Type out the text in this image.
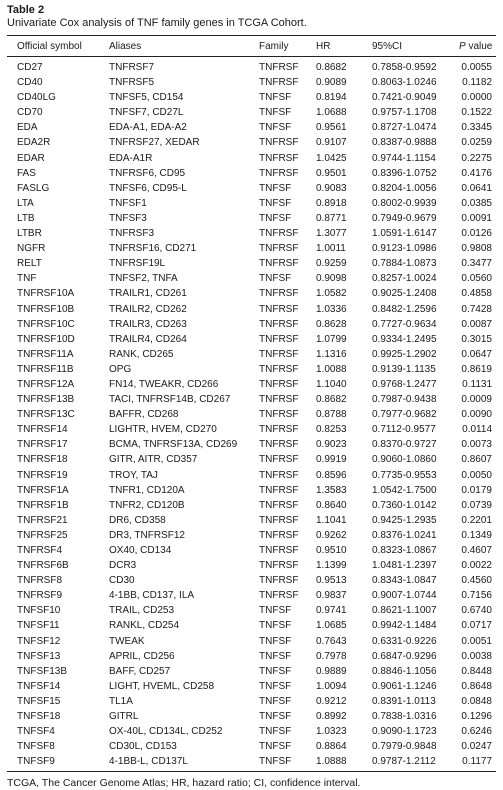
Table 2
Univariate Cox analysis of TNF family genes in TCGA Cohort.
Official symbol	Aliases	Family	HR	95%CI	P value
CD27	TNFRSF7	TNFRSF	0.8682	0.7858-0.9592	0.0055
CD40	TNFRSF5	TNFRSF	0.9089	0.8063-1.0246	0.1182
CD40LG	TNFSF5, CD154	TNFSF	0.8194	0.7421-0.9049	0.0000
CD70	TNFSF7, CD27L	TNFSF	1.0688	0.9757-1.1708	0.1522
EDA	EDA-A1, EDA-A2	TNFSF	0.9561	0.8727-1.0474	0.3345
EDA2R	TNFRSF27, XEDAR	TNFRSF	0.9107	0.8387-0.9888	0.0259
EDAR	EDA-A1R	TNFRSF	1.0425	0.9744-1.1154	0.2275
FAS	TNFRSF6, CD95	TNFRSF	0.9501	0.8396-1.0752	0.4176
FASLG	TNFSF6, CD95-L	TNFSF	0.9083	0.8204-1.0056	0.0641
LTA	TNFSF1	TNFSF	0.8918	0.8002-0.9939	0.0385
LTB	TNFSF3	TNFSF	0.8771	0.7949-0.9679	0.0091
LTBR	TNFRSF3	TNFRSF	1.3077	1.0591-1.6147	0.0126
NGFR	TNFRSF16, CD271	TNFRSF	1.0011	0.9123-1.0986	0.9808
RELT	TNFRSF19L	TNFRSF	0.9259	0.7884-1.0873	0.3477
TNF	TNFSF2, TNFA	TNFSF	0.9098	0.8257-1.0024	0.0560
TNFRSF10A	TRAILR1, CD261	TNFRSF	1.0582	0.9025-1.2408	0.4858
TNFRSF10B	TRAILR2, CD262	TNFRSF	1.0336	0.8482-1.2596	0.7428
TNFRSF10C	TRAILR3, CD263	TNFRSF	0.8628	0.7727-0.9634	0.0087
TNFRSF10D	TRAILR4, CD264	TNFRSF	1.0799	0.9334-1.2495	0.3015
TNFRSF11A	RANK, CD265	TNFRSF	1.1316	0.9925-1.2902	0.0647
TNFRSF11B	OPG	TNFRSF	1.0088	0.9139-1.1135	0.8619
TNFRSF12A	FN14, TWEAKR, CD266	TNFRSF	1.1040	0.9768-1.2477	0.1131
TNFRSF13B	TACI, TNFRSF14B, CD267	TNFRSF	0.8682	0.7987-0.9438	0.0009
TNFRSF13C	BAFFR, CD268	TNFRSF	0.8788	0.7977-0.9682	0.0090
TNFRSF14	LIGHTR, HVEM, CD270	TNFRSF	0.8253	0.7112-0.9577	0.0114
TNFRSF17	BCMA, TNFRSF13A, CD269	TNFRSF	0.9023	0.8370-0.9727	0.0073
TNFRSF18	GITR, AITR, CD357	TNFRSF	0.9919	0.9060-1.0860	0.8607
TNFRSF19	TROY, TAJ	TNFRSF	0.8596	0.7735-0.9553	0.0050
TNFRSF1A	TNFR1, CD120A	TNFRSF	1.3583	1.0542-1.7500	0.0179
TNFRSF1B	TNFR2, CD120B	TNFRSF	0.8640	0.7360-1.0142	0.0739
TNFRSF21	DR6, CD358	TNFRSF	1.1041	0.9425-1.2935	0.2201
TNFRSF25	DR3, TNFRSF12	TNFRSF	0.9262	0.8376-1.0241	0.1349
TNFRSF4	OX40, CD134	TNFRSF	0.9510	0.8323-1.0867	0.4607
TNFRSF6B	DCR3	TNFRSF	1.1399	1.0481-1.2397	0.0022
TNFRSF8	CD30	TNFRSF	0.9513	0.8343-1.0847	0.4560
TNFRSF9	4-1BB, CD137, ILA	TNFRSF	0.9837	0.9007-1.0744	0.7156
TNFSF10	TRAIL, CD253	TNFSF	0.9741	0.8621-1.1007	0.6740
TNFSF11	RANKL, CD254	TNFSF	1.0685	0.9942-1.1484	0.0717
TNFSF12	TWEAK	TNFSF	0.7643	0.6331-0.9226	0.0051
TNFSF13	APRIL, CD256	TNFSF	0.7978	0.6847-0.9296	0.0038
TNFSF13B	BAFF, CD257	TNFSF	0.9889	0.8846-1.1056	0.8448
TNFSF14	LIGHT, HVEML, CD258	TNFSF	1.0094	0.9061-1.1246	0.8648
TNFSF15	TL1A	TNFSF	0.9212	0.8391-1.0113	0.0848
TNFSF18	GITRL	TNFSF	0.8992	0.7838-1.0316	0.1296
TNFSF4	OX-40L, CD134L, CD252	TNFSF	1.0323	0.9090-1.1723	0.6246
TNFSF8	CD30L, CD153	TNFSF	0.8864	0.7979-0.9848	0.0247
TNFSF9	4-1BB-L, CD137L	TNFSF	1.0888	0.9787-1.2112	0.1177
TCGA, The Cancer Genome Atlas; HR, hazard ratio; CI, confidence interval.
